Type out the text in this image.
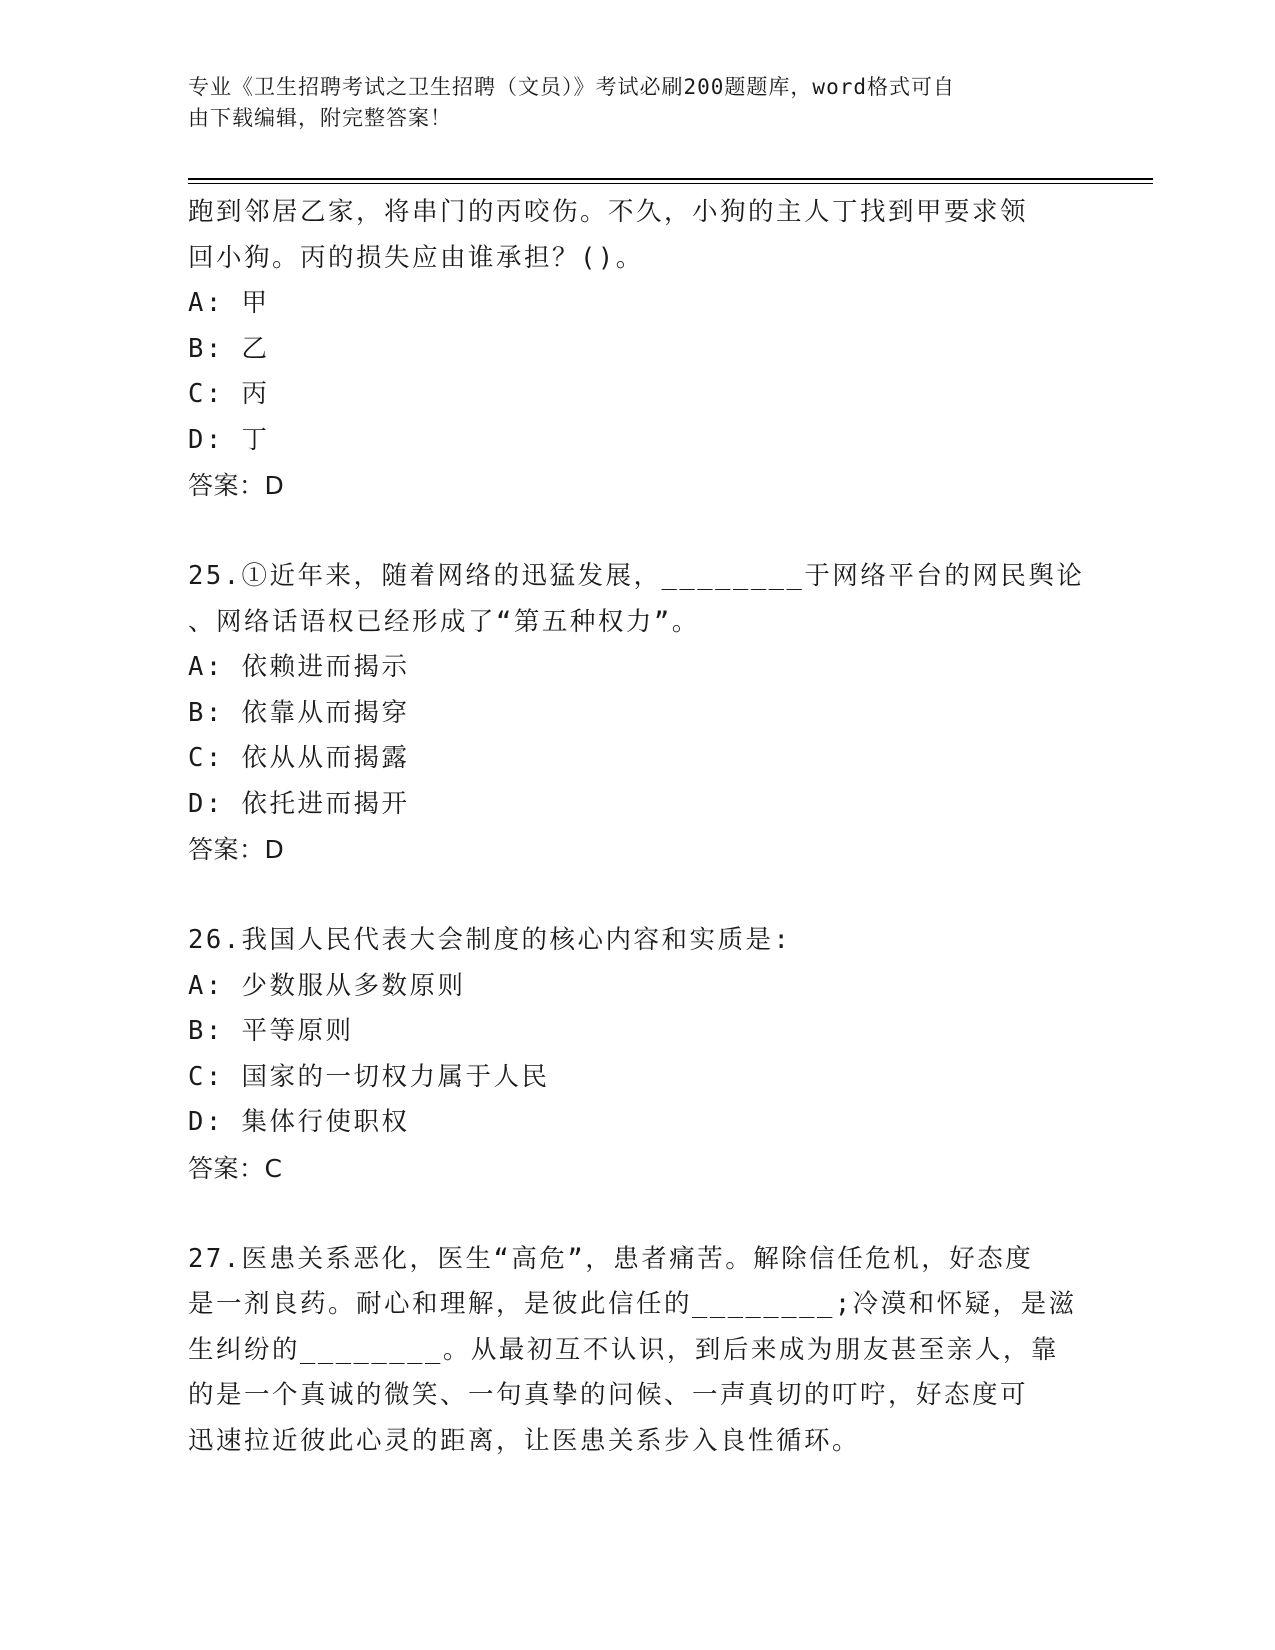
专业《卫生招聘考试之卫生招聘（文员）》考试必刷200题题库，word格式可自
由下载编辑，附完整答案！
跑到邻居乙家，将串门的丙咬伤。不久，小狗的主人丁找到甲要求领
回小狗。丙的损失应由谁承担？()。
A: 甲
B: 乙
C: 丙
D: 丁
答案：D
25.①近年来，随着网络的迅猛发展，________于网络平台的网民舆论
、网络话语权已经形成了“第五种权力”。
A: 依赖进而揭示
B: 依靠从而揭穿
C: 依从从而揭露
D: 依托进而揭开
答案：D
26.我国人民代表大会制度的核心内容和实质是:
A: 少数服从多数原则
B: 平等原则
C: 国家的一切权力属于人民
D: 集体行使职权
答案：C
27.医患关系恶化，医生“高危”，患者痛苦。解除信任危机，好态度
是一剂良药。耐心和理解，是彼此信任的________;冷漠和怀疑，是滋
生纠纷的________。从最初互不认识，到后来成为朋友甚至亲人，靠
的是一个真诚的微笑、一句真挚的问候、一声真切的叮咛，好态度可
迅速拉近彼此心灵的距离，让医患关系步入良性循环。
